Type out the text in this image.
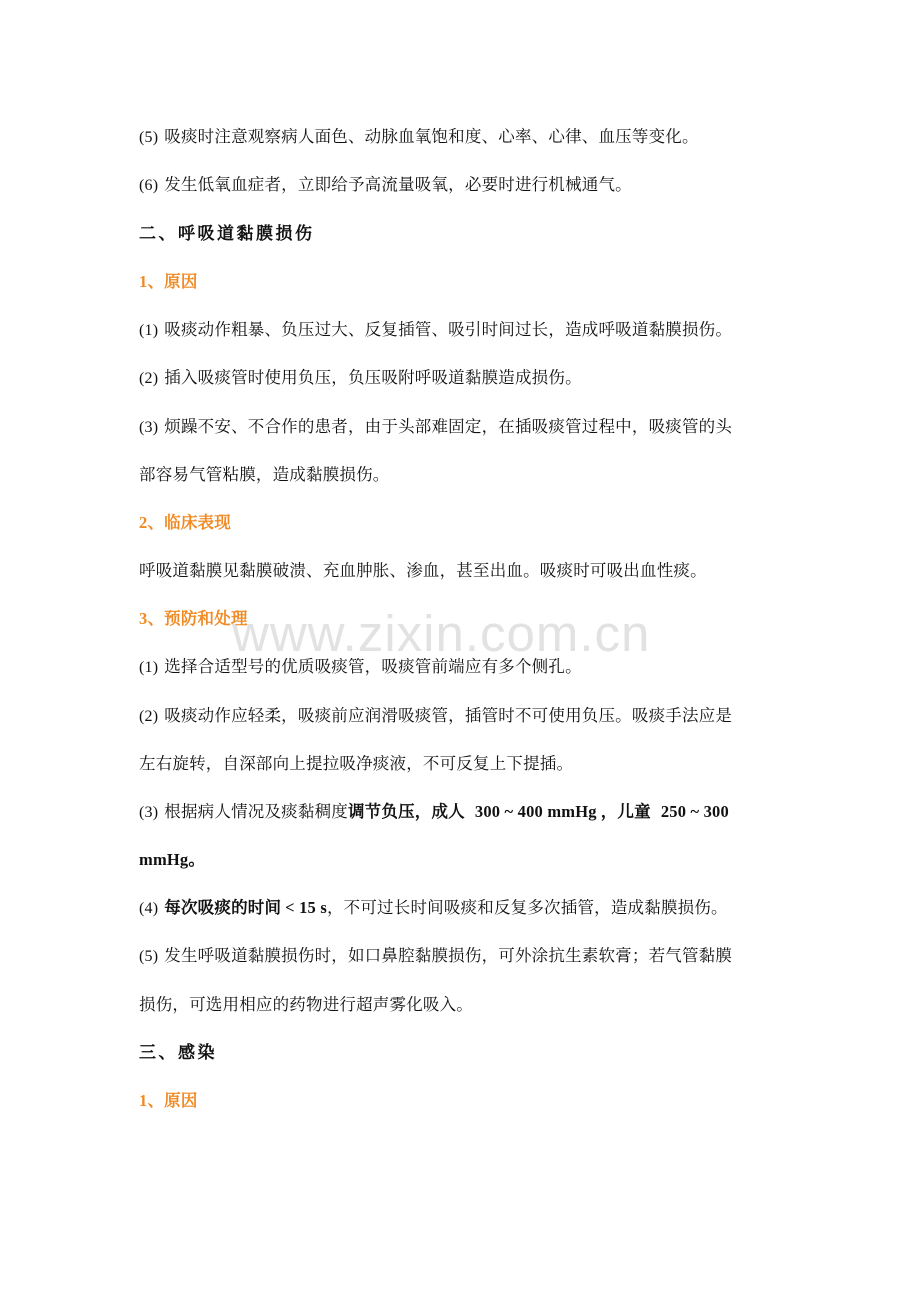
www.zixin.com.cn
(5) 吸痰时注意观察病人面色、动脉血氧饱和度、心率、心律、血压等变化。
(6) 发生低氧血症者，立即给予高流量吸氧，必要时进行机械通气。
二、呼吸道黏膜损伤
1、原因
(1) 吸痰动作粗暴、负压过大、反复插管、吸引时间过长，造成呼吸道黏膜损伤。
(2) 插入吸痰管时使用负压，负压吸附呼吸道黏膜造成损伤。
(3) 烦躁不安、不合作的患者，由于头部难固定，在插吸痰管过程中，吸痰管的头
部容易气管粘膜，造成黏膜损伤。
2、临床表现
呼吸道黏膜见黏膜破溃、充血肿胀、渗血，甚至出血。吸痰时可吸出血性痰。
3、预防和处理
(1) 选择合适型号的优质吸痰管，吸痰管前端应有多个侧孔。
(2) 吸痰动作应轻柔，吸痰前应润滑吸痰管，插管时不可使用负压。吸痰手法应是
左右旋转，自深部向上提拉吸净痰液，不可反复上下提插。
(3) 根据病人情况及痰黏稠度调节负压，成人 300 ~ 400 mmHg ，儿童 250 ~ 300
mmHg。
(4) 每次吸痰的时间 < 15 s，不可过长时间吸痰和反复多次插管，造成黏膜损伤。
(5) 发生呼吸道黏膜损伤时，如口鼻腔黏膜损伤，可外涂抗生素软膏；若气管黏膜
损伤，可选用相应的药物进行超声雾化吸入。
三、感染
1、原因
